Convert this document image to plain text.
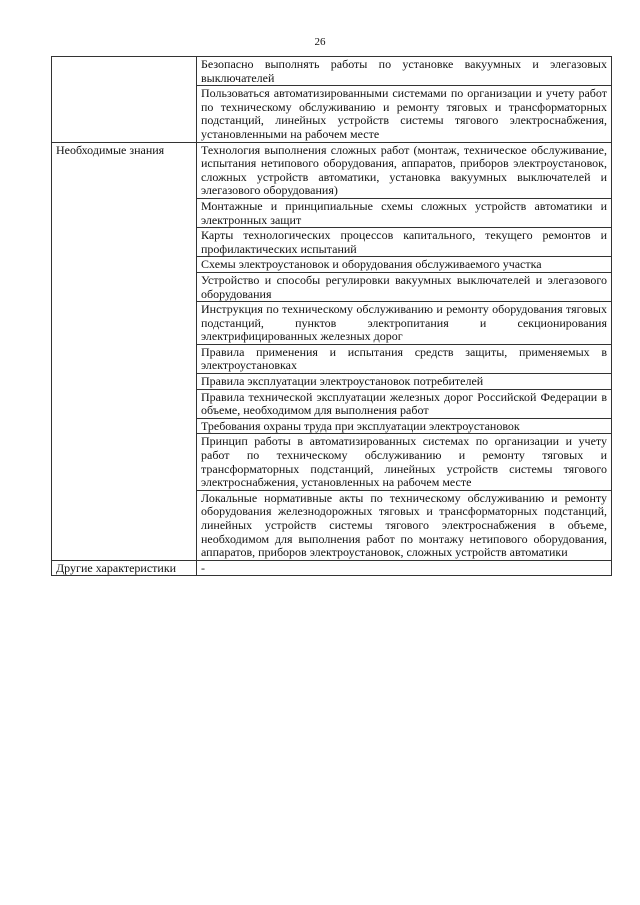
26
	Безопасно выполнять работы по установке вакуумных и элегазовых выключателей
	Пользоваться автоматизированными системами по организации и учету работ по техническому обслуживанию и ремонту тяговых и трансформаторных подстанций, линейных устройств системы тягового электроснабжения, установленными на рабочем месте
Необходимые знания	Технология выполнения сложных работ (монтаж, техническое обслуживание, испытания нетипового оборудования, аппаратов, приборов электроустановок, сложных устройств автоматики, установка вакуумных выключателей и элегазового оборудования)
	Монтажные и принципиальные схемы сложных устройств автоматики и электронных защит
	Карты технологических процессов капитального, текущего ремонтов и профилактических испытаний
	Схемы электроустановок и оборудования обслуживаемого участка
	Устройство и способы регулировки вакуумных выключателей и элегазового оборудования
	Инструкция по техническому обслуживанию и ремонту оборудования тяговых подстанций, пунктов электропитания и секционирования электрифицированных железных дорог
	Правила применения и испытания средств защиты, применяемых в электроустановках
	Правила эксплуатации электроустановок потребителей
	Правила технической эксплуатации железных дорог Российской Федерации в объеме, необходимом для выполнения работ
	Требования охраны труда при эксплуатации электроустановок
	Принцип работы в автоматизированных системах по организации и учету работ по техническому обслуживанию и ремонту тяговых и трансформаторных подстанций, линейных устройств системы тягового электроснабжения, установленных на рабочем месте
	Локальные нормативные акты по техническому обслуживанию и ремонту оборудования железнодорожных тяговых и трансформаторных подстанций, линейных устройств системы тягового электроснабжения в объеме, необходимом для выполнения работ по монтажу нетипового оборудования, аппаратов, приборов электроустановок, сложных устройств автоматики
Другие характеристики	-
